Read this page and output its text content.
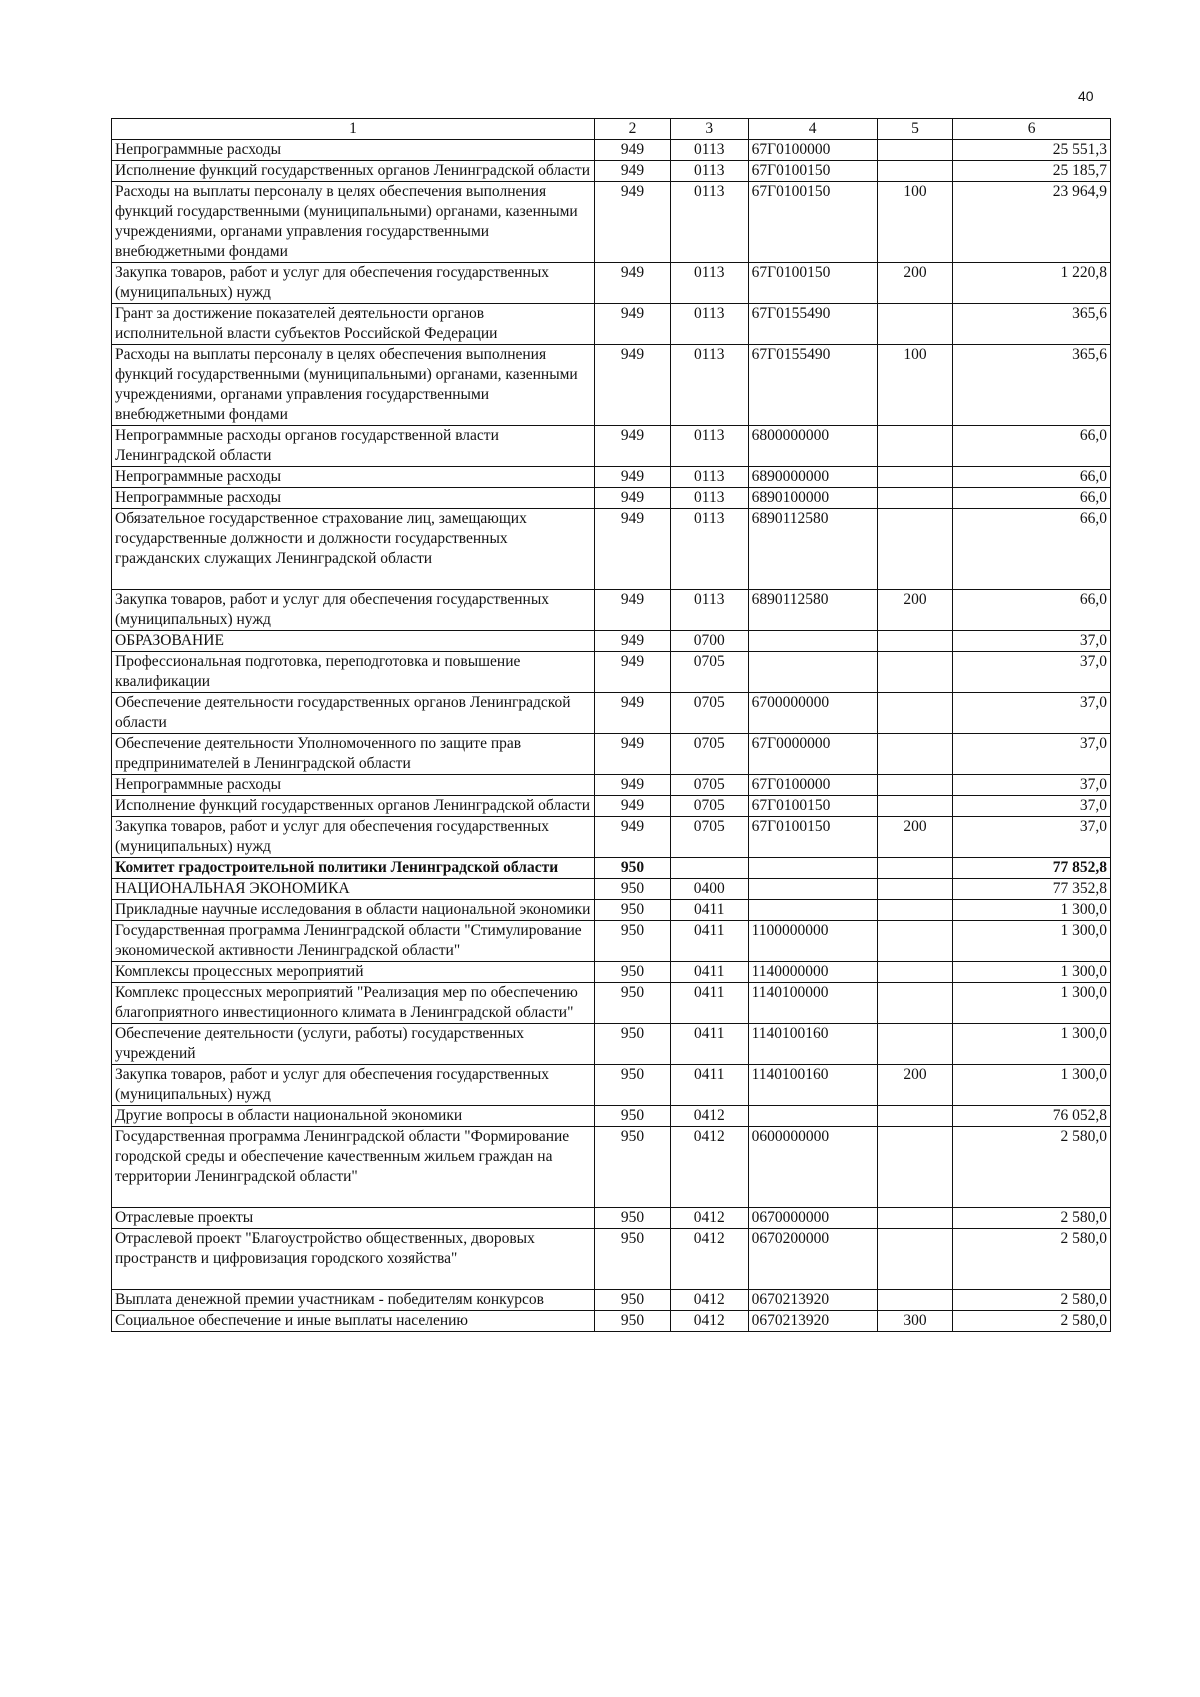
40
1	2	3	4	5	6
Непрограммные расходы	949	0113	67Г0100000		25 551,3
Исполнение функций государственных органов Ленинградской области	949	0113	67Г0100150		25 185,7
Расходы на выплаты персоналу в целях обеспечения выполнения функций государственными (муниципальными) органами, казенными учреждениями, органами управления государственными внебюджетными фондами	949	0113	67Г0100150	100	23 964,9
Закупка товаров, работ и услуг для обеспечения государственных (муниципальных) нужд	949	0113	67Г0100150	200	1 220,8
Грант за достижение показателей деятельности органов исполнительной власти субъектов Российской Федерации	949	0113	67Г0155490		365,6
Расходы на выплаты персоналу в целях обеспечения выполнения функций государственными (муниципальными) органами, казенными учреждениями, органами управления государственными внебюджетными фондами	949	0113	67Г0155490	100	365,6
Непрограммные расходы органов государственной власти Ленинградской области	949	0113	6800000000		66,0
Непрограммные расходы	949	0113	6890000000		66,0
Непрограммные расходы	949	0113	6890100000		66,0
Обязательное государственное страхование лиц, замещающих государственные должности и должности государственных гражданских служащих Ленинградской области	949	0113	6890112580		66,0
Закупка товаров, работ и услуг для обеспечения государственных (муниципальных) нужд	949	0113	6890112580	200	66,0
ОБРАЗОВАНИЕ	949	0700			37,0
Профессиональная подготовка, переподготовка и повышение квалификации	949	0705			37,0
Обеспечение деятельности государственных органов Ленинградской области	949	0705	6700000000		37,0
Обеспечение деятельности Уполномоченного по защите прав предпринимателей в Ленинградской области	949	0705	67Г0000000		37,0
Непрограммные расходы	949	0705	67Г0100000		37,0
Исполнение функций государственных органов Ленинградской области	949	0705	67Г0100150		37,0
Закупка товаров, работ и услуг для обеспечения государственных (муниципальных) нужд	949	0705	67Г0100150	200	37,0
Комитет градостроительной политики Ленинградской области	950				77 852,8
НАЦИОНАЛЬНАЯ ЭКОНОМИКА	950	0400			77 352,8
Прикладные научные исследования в области национальной экономики	950	0411			1 300,0
Государственная программа Ленинградской области "Стимулирование экономической активности Ленинградской области"	950	0411	1100000000		1 300,0
Комплексы процессных мероприятий	950	0411	1140000000		1 300,0
Комплекс процессных мероприятий "Реализация мер по обеспечению благоприятного инвестиционного климата в Ленинградской области"	950	0411	1140100000		1 300,0
Обеспечение деятельности (услуги, работы) государственных учреждений	950	0411	1140100160		1 300,0
Закупка товаров, работ и услуг для обеспечения государственных (муниципальных) нужд	950	0411	1140100160	200	1 300,0
Другие вопросы в области национальной экономики	950	0412			76 052,8
Государственная программа Ленинградской области "Формирование городской среды и обеспечение качественным жильем граждан на территории Ленинградской области"	950	0412	0600000000		2 580,0
Отраслевые проекты	950	0412	0670000000		2 580,0
Отраслевой проект "Благоустройство общественных, дворовых пространств и цифровизация городского хозяйства"	950	0412	0670200000		2 580,0
Выплата денежной премии участникам - победителям конкурсов	950	0412	0670213920		2 580,0
Социальное обеспечение и иные выплаты населению	950	0412	0670213920	300	2 580,0
